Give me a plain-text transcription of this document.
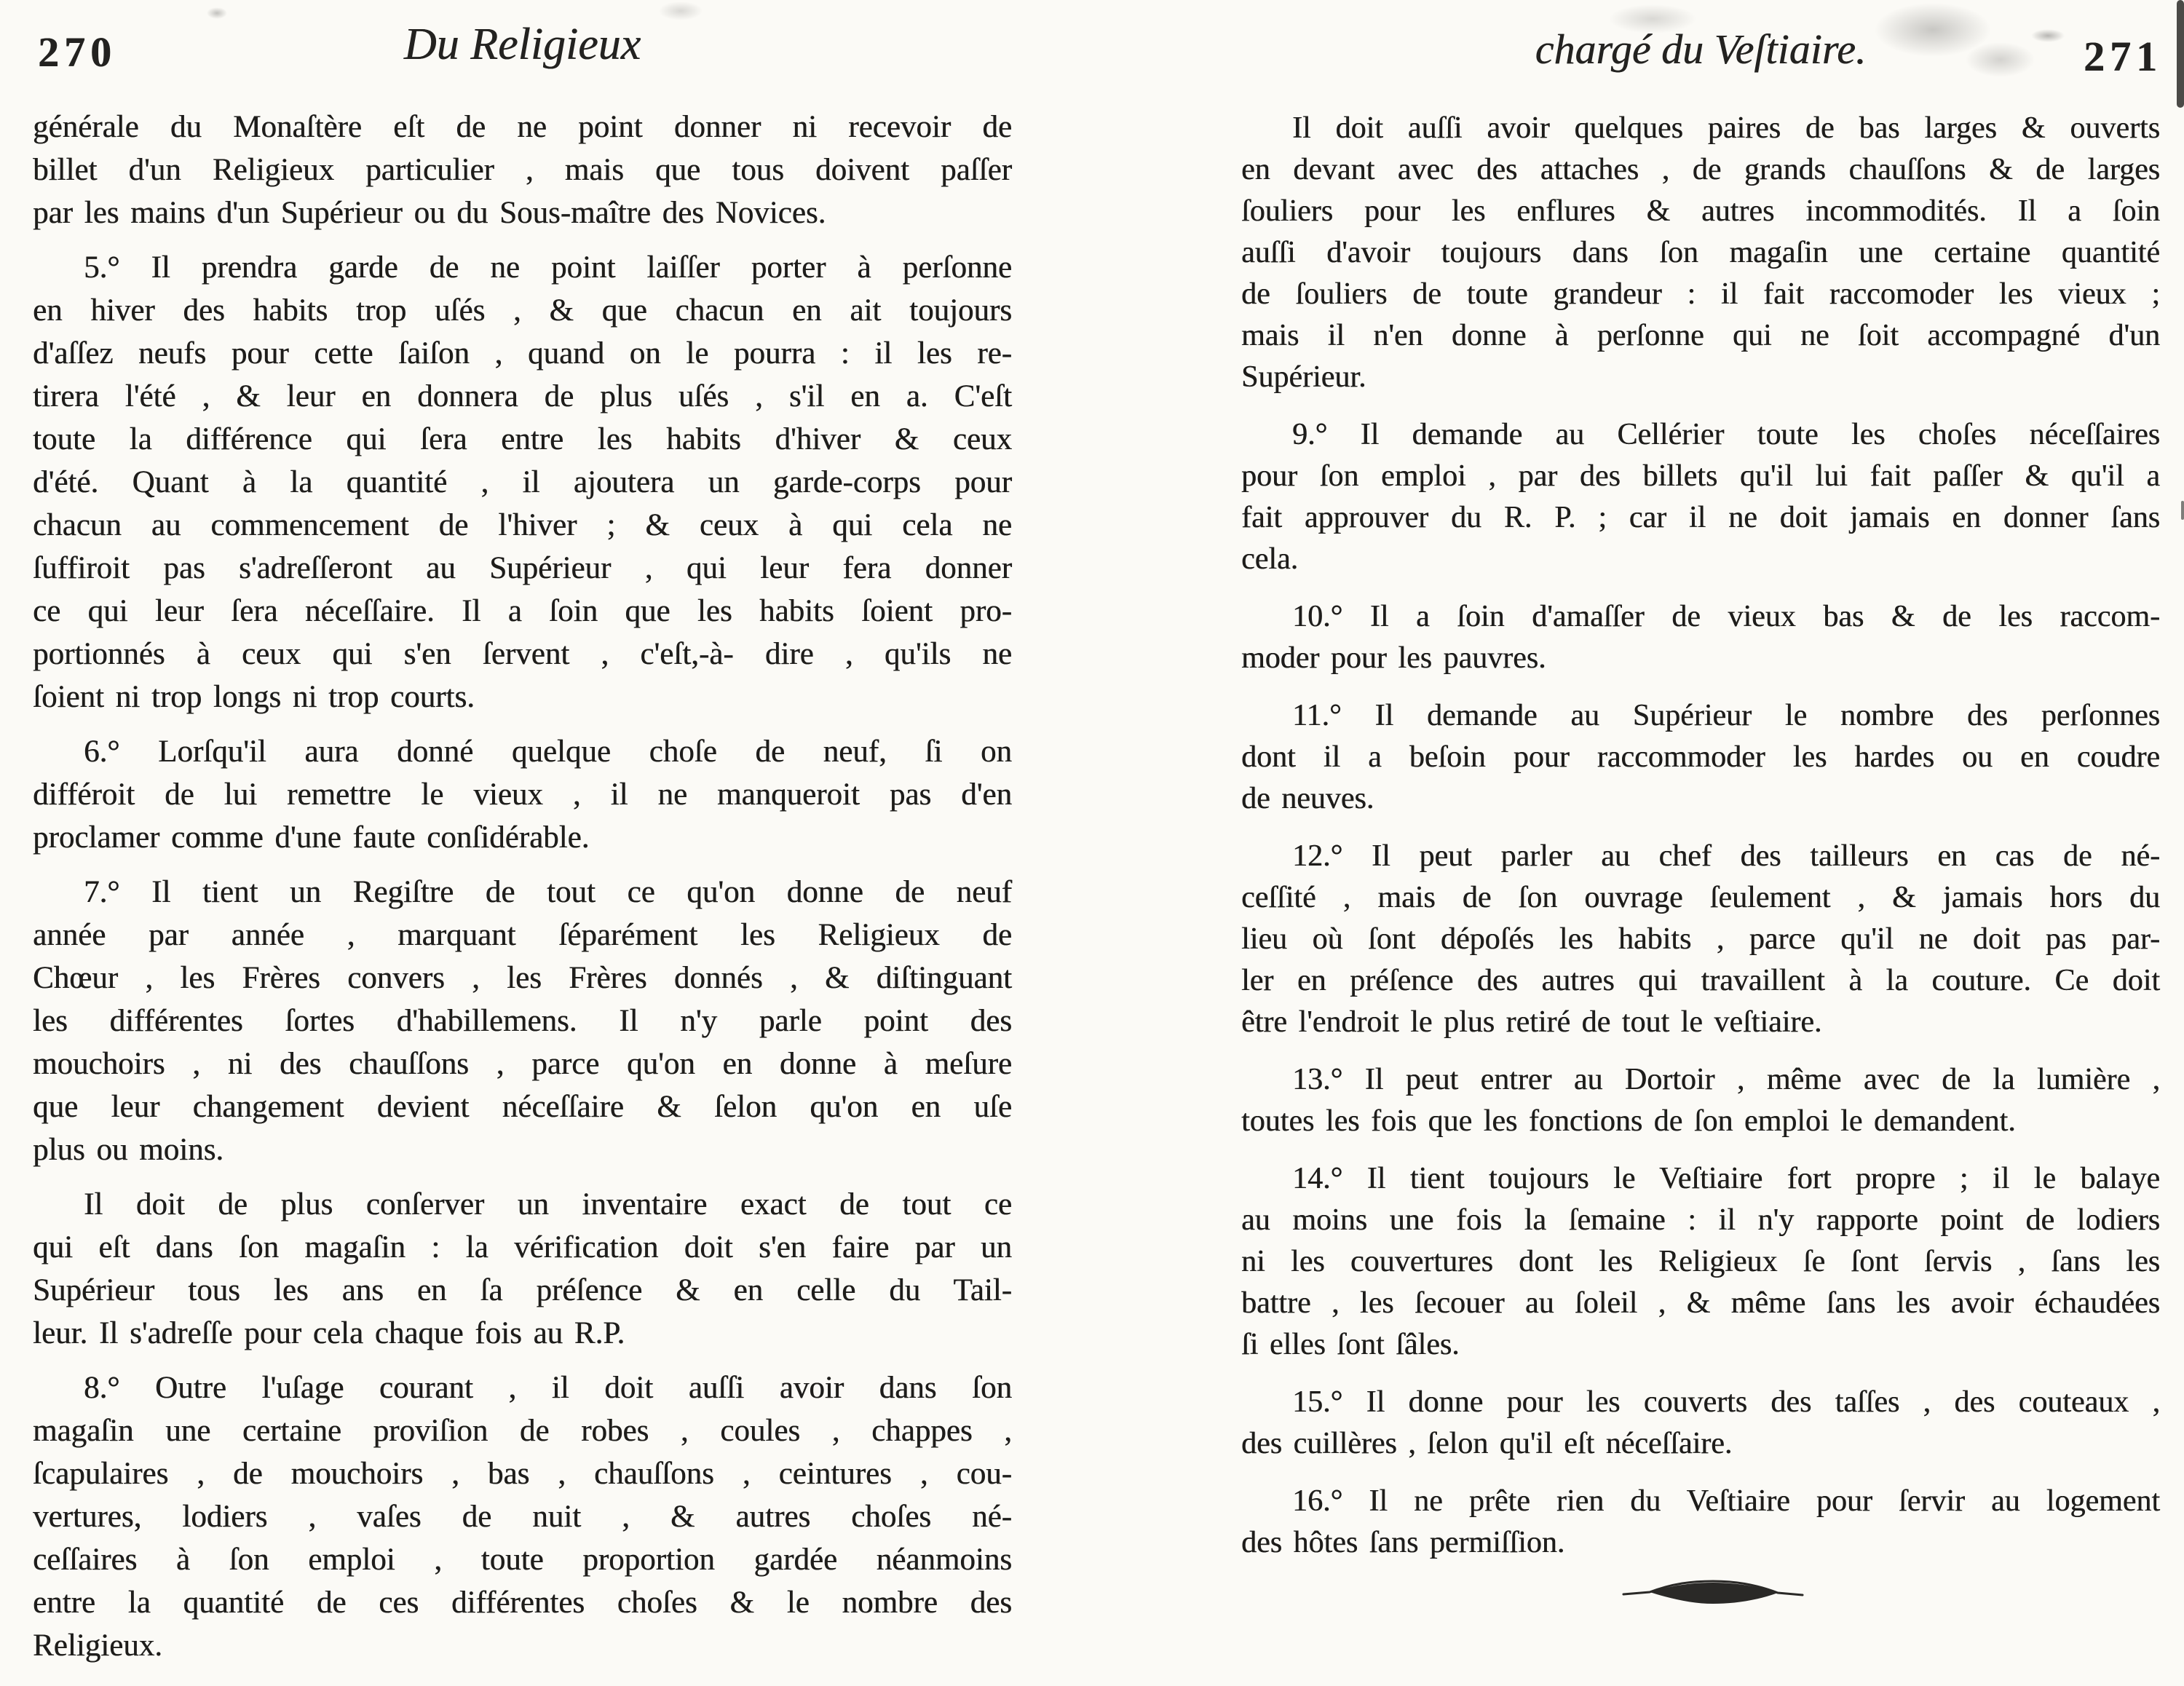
270	Du Religieux	chargé du Veſtiaire.	271
générale du Monaſtère eſt de ne point donner ni recevoir de
billet d'un Religieux particulier , mais que tous doivent paſſer
par les mains d'un Supérieur ou du Sous-maître des Novices.
5.° Il prendra garde de ne point laiſſer porter à perſonne
en hiver des habits trop uſés , & que chacun en ait toujours
d'aſſez neufs pour cette ſaiſon , quand on le pourra : il les re-
tirera l'été , & leur en donnera de plus uſés , s'il en a. C'eſt
toute la différence qui ſera entre les habits d'hiver & ceux
d'été. Quant à la quantité , il ajoutera un garde-corps pour
chacun au commencement de l'hiver ; & ceux à qui cela ne
ſuffiroit pas s'adreſſeront au Supérieur , qui leur fera donner
ce qui leur ſera néceſſaire. Il a ſoin que les habits ſoient pro-
portionnés à ceux qui s'en ſervent , c'eſt,-à- dire , qu'ils ne
ſoient ni trop longs ni trop courts.
6.° Lorſqu'il aura donné quelque choſe de neuf, ſi on
différoit de lui remettre le vieux , il ne manqueroit pas d'en
proclamer comme d'une faute conſidérable.
7.° Il tient un Regiſtre de tout ce qu'on donne de neuf
année par année , marquant ſéparément les Religieux de
Chœur , les Frères convers , les Frères donnés , & diſtinguant
les différentes ſortes d'habillemens. Il n'y parle point des
mouchoirs , ni des chauſſons , parce qu'on en donne à meſure
que leur changement devient néceſſaire & ſelon qu'on en uſe
plus ou moins.
Il doit de plus conſerver un inventaire exact de tout ce
qui eſt dans ſon magaſin : la vérification doit s'en faire par un
Supérieur tous les ans en ſa préſence & en celle du Tail-
leur. Il s'adreſſe pour cela chaque fois au R.P.
8.° Outre l'uſage courant , il doit auſſi avoir dans ſon
magaſin une certaine proviſion de robes , coules , chappes ,
ſcapulaires , de mouchoirs , bas , chauſſons , ceintures , cou-
vertures, lodiers , vaſes de nuit , & autres choſes né-
ceſſaires à ſon emploi , toute proportion gardée néanmoins
entre la quantité de ces différentes choſes & le nombre des
Religieux.
Il doit auſſi avoir quelques paires de bas larges & ouverts
en devant avec des attaches , de grands chauſſons & de larges
ſouliers pour les enflures & autres incommodités. Il a ſoin
auſſi d'avoir toujours dans ſon magaſin une certaine quantité
de ſouliers de toute grandeur : il fait raccomoder les vieux ;
mais il n'en donne à perſonne qui ne ſoit accompagné d'un
Supérieur.
9.° Il demande au Cellérier toute les choſes néceſſaires
pour ſon emploi , par des billets qu'il lui fait paſſer & qu'il a
fait approuver du R. P. ; car il ne doit jamais en donner ſans
cela.
10.° Il a ſoin d'amaſſer de vieux bas & de les raccom-
moder pour les pauvres.
11.° Il demande au Supérieur le nombre des perſonnes
dont il a beſoin pour raccommoder les hardes ou en coudre
de neuves.
12.° Il peut parler au chef des tailleurs en cas de né-
ceſſité , mais de ſon ouvrage ſeulement , & jamais hors du
lieu où ſont dépoſés les habits , parce qu'il ne doit pas par-
ler en préſence des autres qui travaillent à la couture. Ce doit
être l'endroit le plus retiré de tout le veſtiaire.
13.° Il peut entrer au Dortoir , même avec de la lumière ,
toutes les fois que les fonctions de ſon emploi le demandent.
14.° Il tient toujours le Veſtiaire fort propre ; il le balaye
au moins une fois la ſemaine : il n'y rapporte point de lodiers
ni les couvertures dont les Religieux ſe ſont ſervis , ſans les
battre , les ſecouer au ſoleil , & même ſans les avoir échaudées
ſi elles ſont ſâles.
15.° Il donne pour les couverts des taſſes , des couteaux ,
des cuillères , ſelon qu'il eſt néceſſaire.
16.° Il ne prête rien du Veſtiaire pour ſervir au logement
des hôtes ſans permiſſion.
